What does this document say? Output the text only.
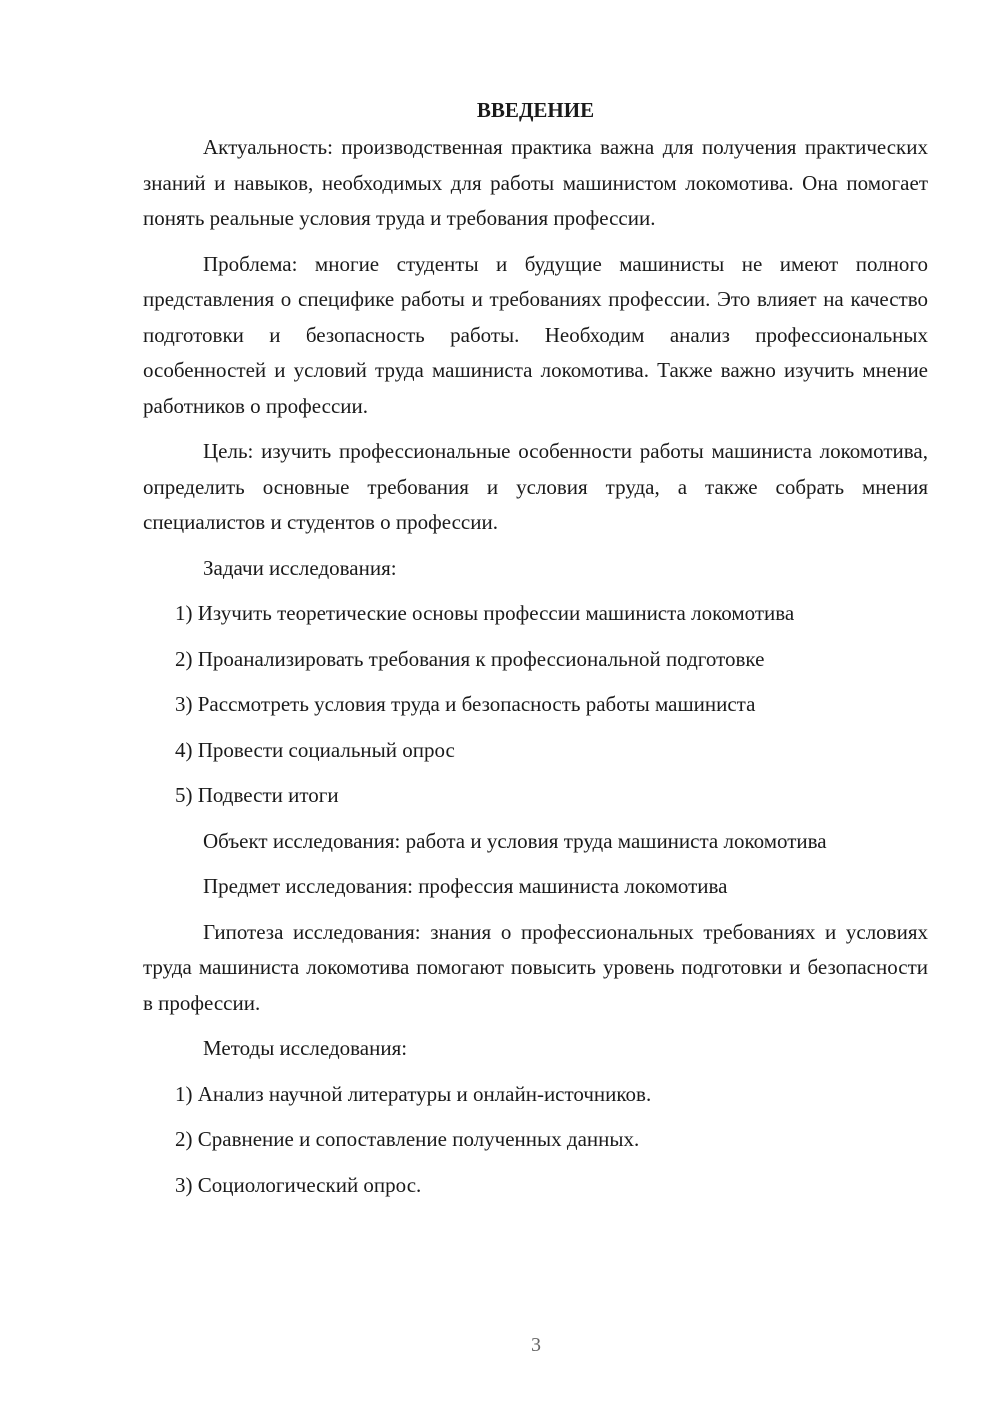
ВВЕДЕНИЕ

Актуальность: производственная практика важна для получения практических знаний и навыков, необходимых для работы машинистом локомотива. Она помогает понять реальные условия труда и требования профессии.

Проблема: многие студенты и будущие машинисты не имеют полного представления о специфике работы и требованиях профессии. Это влияет на качество подготовки и безопасность работы. Необходим анализ профессиональных особенностей и условий труда машиниста локомотива. Также важно изучить мнение работников о профессии.

Цель: изучить профессиональные особенности работы машиниста локомотива, определить основные требования и условия труда, а также собрать мнения специалистов и студентов о профессии.

Задачи исследования:

1) Изучить теоретические основы профессии машиниста локомотива

2) Проанализировать требования к профессиональной подготовке

3) Рассмотреть условия труда и безопасность работы машиниста

4) Провести социальный опрос

5) Подвести итоги

Объект исследования: работа и условия труда машиниста локомотива

Предмет исследования: профессия машиниста локомотива

Гипотеза исследования: знания о профессиональных требованиях и условиях труда машиниста локомотива помогают повысить уровень подготовки и безопасности в профессии.

Методы исследования:

1) Анализ научной литературы и онлайн-источников.

2) Сравнение и сопоставление полученных данных.

3) Социологический опрос.

3
